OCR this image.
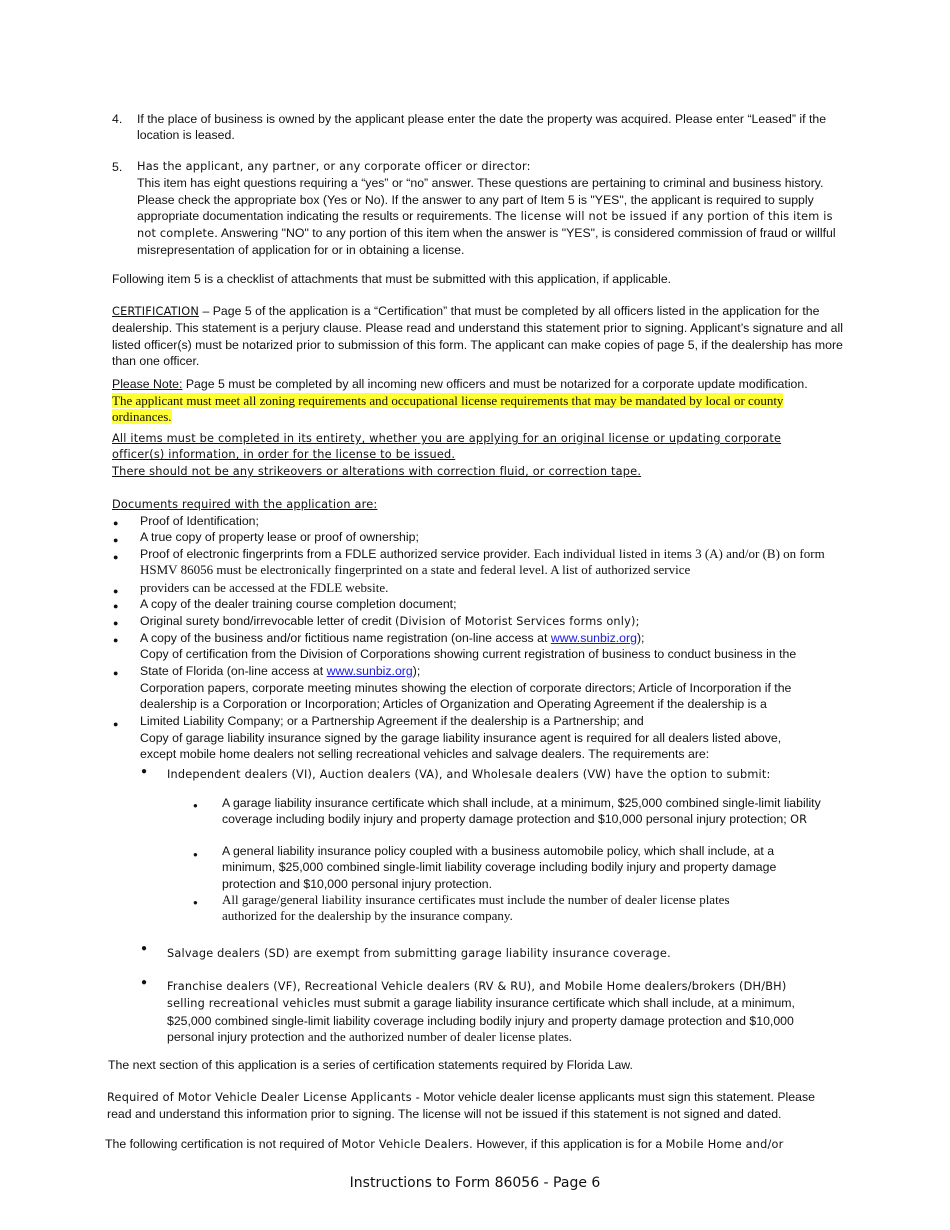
4. If the place of business is owned by the applicant please enter the date the property was acquired. Please enter “Leased” if the location is leased.
5. Has the applicant, any partner, or any corporate officer or director:
This item has eight questions requiring a “yes” or “no” answer. These questions are pertaining to criminal and business history. Please check the appropriate box (Yes or No). If the answer to any part of Item 5 is "YES", the applicant is required to supply appropriate documentation indicating the results or requirements. The license will not be issued if any portion of this item is not complete. Answering "NO" to any portion of this item when the answer is "YES", is considered commission of fraud or willful misrepresentation of application for or in obtaining a license.
Following item 5 is a checklist of attachments that must be submitted with this application, if applicable.
CERTIFICATION – Page 5 of the application is a “Certification” that must be completed by all officers listed in the application for the dealership. This statement is a perjury clause. Please read and understand this statement prior to signing. Applicant’s signature and all listed officer(s) must be notarized prior to submission of this form. The applicant can make copies of page 5, if the dealership has more than one officer.
Please Note: Page 5 must be completed by all incoming new officers and must be notarized for a corporate update modification.
The applicant must meet all zoning requirements and occupational license requirements that may be mandated by local or county ordinances.
All items must be completed in its entirety, whether you are applying for an original license or updating corporate officer(s) information, in order for the license to be issued.
There should not be any strikeovers or alterations with correction fluid, or correction tape.
Documents required with the application are:
● Proof of Identification;
● A true copy of property lease or proof of ownership;
● Proof of electronic fingerprints from a FDLE authorized service provider. Each individual listed in items 3 (A) and/or (B) on form HSMV 86056 must be electronically fingerprinted on a state and federal level. A list of authorized service
● providers can be accessed at the FDLE website.
● A copy of the dealer training course completion document;
● Original surety bond/irrevocable letter of credit (Division of Motorist Services forms only);
● A copy of the business and/or fictitious name registration (on-line access at www.sunbiz.org);
Copy of certification from the Division of Corporations showing current registration of business to conduct business in the
● State of Florida (on-line access at www.sunbiz.org);
Corporation papers, corporate meeting minutes showing the election of corporate directors; Article of Incorporation if the dealership is a Corporation or Incorporation; Articles of Organization and Operating Agreement if the dealership is a
● Limited Liability Company; or a Partnership Agreement if the dealership is a Partnership; and
Copy of garage liability insurance signed by the garage liability insurance agent is required for all dealers listed above, except mobile home dealers not selling recreational vehicles and salvage dealers. The requirements are:
● Independent dealers (VI), Auction dealers (VA), and Wholesale dealers (VW) have the option to submit:
● A garage liability insurance certificate which shall include, at a minimum, $25,000 combined single-limit liability coverage including bodily injury and property damage protection and $10,000 personal injury protection; OR
● A general liability insurance policy coupled with a business automobile policy, which shall include, at a minimum, $25,000 combined single-limit liability coverage including bodily injury and property damage protection and $10,000 personal injury protection.
● All garage/general liability insurance certificates must include the number of dealer license plates authorized for the dealership by the insurance company.
● Salvage dealers (SD) are exempt from submitting garage liability insurance coverage.
● Franchise dealers (VF), Recreational Vehicle dealers (RV & RU), and Mobile Home dealers/brokers (DH/BH) selling recreational vehicles must submit a garage liability insurance certificate which shall include, at a minimum, $25,000 combined single-limit liability coverage including bodily injury and property damage protection and $10,000 personal injury protection and the authorized number of dealer license plates.
The next section of this application is a series of certification statements required by Florida Law.
Required of Motor Vehicle Dealer License Applicants - Motor vehicle dealer license applicants must sign this statement. Please read and understand this information prior to signing. The license will not be issued if this statement is not signed and dated.
The following certification is not required of Motor Vehicle Dealers. However, if this application is for a Mobile Home and/or
Instructions to Form 86056 - Page 6
